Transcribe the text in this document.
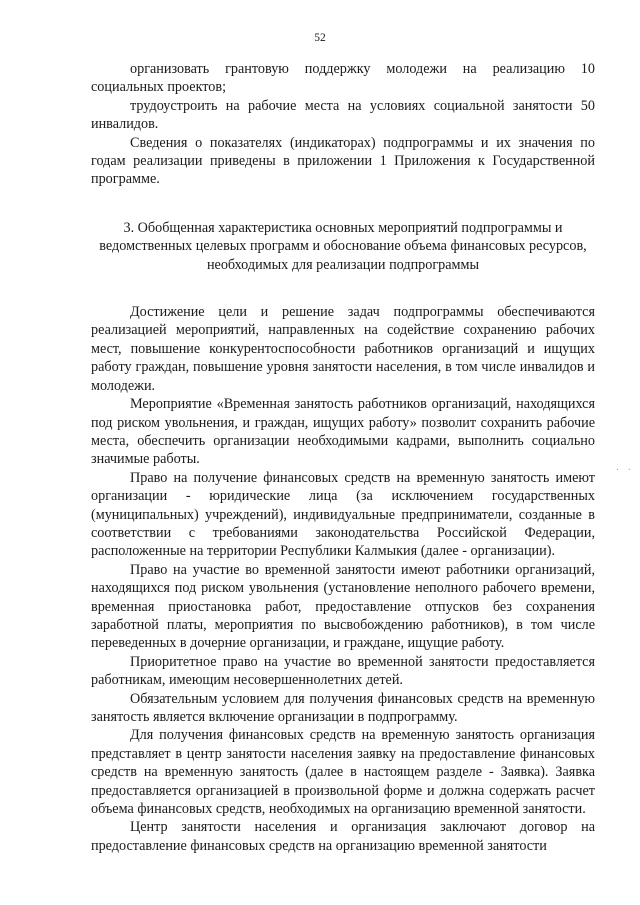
52
· ·

организовать грантовую поддержку молодежи на реализацию 10 социальных проектов;

трудоустроить на рабочие места на условиях социальной занятости 50 инвалидов.

Сведения о показателях (индикаторах) подпрограммы и их значения по годам реализации приведены в приложении 1 Приложения к Государственной программе.

3. Обобщенная характеристика основных мероприятий подпрограммы и ведомственных целевых программ и обоснование объема финансовых ресурсов, необходимых для реализации подпрограммы

Достижение цели и решение задач подпрограммы обеспечиваются реализацией мероприятий, направленных на содействие сохранению рабочих мест, повышение конкурентоспособности работников организаций и ищущих работу граждан, повышение уровня занятости населения, в том числе инвалидов и молодежи.

Мероприятие «Временная занятость работников организаций, находящихся под риском увольнения, и граждан, ищущих работу» позволит сохранить рабочие места, обеспечить организации необходимыми кадрами, выполнить социально значимые работы.

Право на получение финансовых средств на временную занятость имеют организации - юридические лица (за исключением государственных (муниципальных) учреждений), индивидуальные предприниматели, созданные в соответствии с требованиями законодательства Российской Федерации, расположенные на территории Республики Калмыкия (далее - организации).

Право на участие во временной занятости имеют работники организаций, находящихся под риском увольнения (установление неполного рабочего времени, временная приостановка работ, предоставление отпусков без сохранения заработной платы, мероприятия по высвобождению работников), в том числе переведенных в дочерние организации, и граждане, ищущие работу.

Приоритетное право на участие во временной занятости предоставляется работникам, имеющим несовершеннолетних детей.

Обязательным условием для получения финансовых средств на временную занятость является включение организации в подпрограмму.

Для получения финансовых средств на временную занятость организация представляет в центр занятости населения заявку на предоставление финансовых средств на временную занятость (далее в настоящем разделе - Заявка). Заявка предоставляется организацией в произвольной форме и должна содержать расчет объема финансовых средств, необходимых на организацию временной занятости.

Центр занятости населения и организация заключают договор на предоставление финансовых средств на организацию временной занятости
